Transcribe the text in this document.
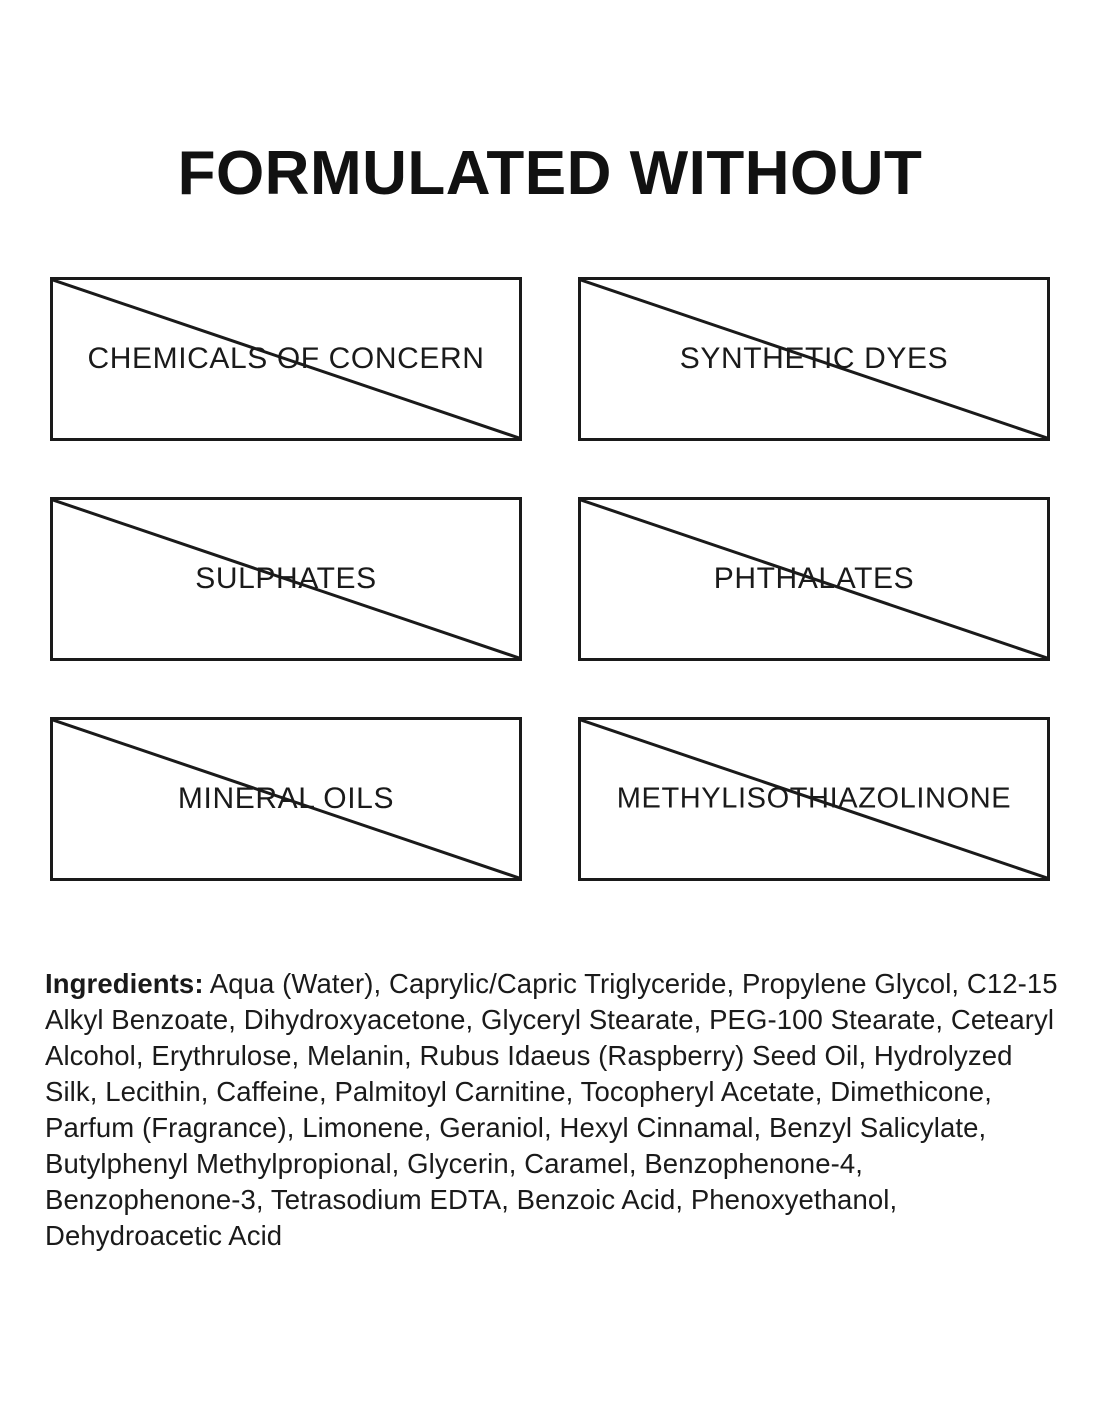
FORMULATED WITHOUT
CHEMICALS OF CONCERN	SYNTHETIC DYES
SULPHATES	PHTHALATES
MINERAL OILS	METHYLISOTHIAZOLINONE

Ingredients: Aqua (Water), Caprylic/Capric Triglyceride, Propylene Glycol, C12-15 Alkyl Benzoate, Dihydroxyacetone, Glyceryl Stearate, PEG-100 Stearate, Cetearyl Alcohol, Erythrulose, Melanin, Rubus Idaeus (Raspberry) Seed Oil, Hydrolyzed Silk, Lecithin, Caffeine, Palmitoyl Carnitine, Tocopheryl Acetate, Dimethicone, Parfum (Fragrance), Limonene, Geraniol, Hexyl Cinnamal, Benzyl Salicylate, Butylphenyl Methylpropional, Glycerin, Caramel, Benzophenone-4, Benzophenone-3, Tetrasodium EDTA, Benzoic Acid, Phenoxyethanol, Dehydroacetic Acid
